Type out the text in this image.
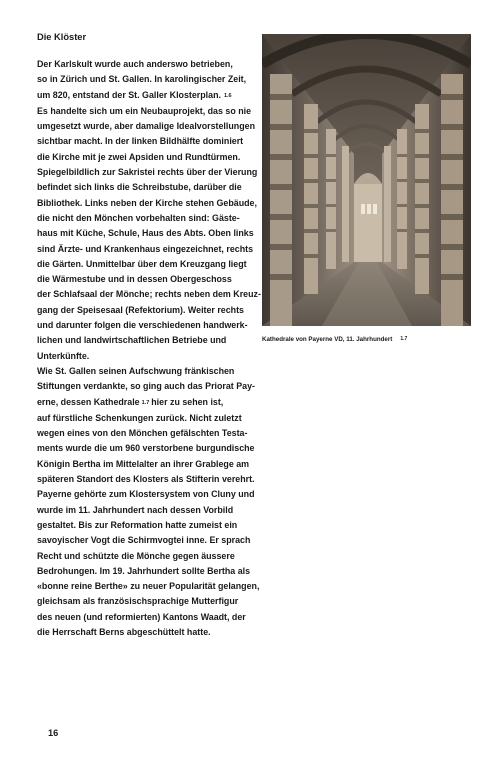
Die Klöster
Der Karlskult wurde auch anderswo betrieben,
so in Zürich und St. Gallen. In karolingischer Zeit,
um 820, entstand der St. Galler Klosterplan. 1.6
Es handelte sich um ein Neubauprojekt, das so nie
umgesetzt wurde, aber damalige Idealvorstellungen
sichtbar macht. In der linken Bildhälfte dominiert
die Kirche mit je zwei Apsiden und Rundtürmen.
Spiegelbildlich zur Sakristei rechts über der Vierung
befindet sich links die Schreibstube, darüber die
Bibliothek. Links neben der Kirche stehen Gebäude,
die nicht den Mönchen vorbehalten sind: Gäste-
haus mit Küche, Schule, Haus des Abts. Oben links
sind Ärzte- und Krankenhaus eingezeichnet, rechts
die Gärten. Unmittelbar über dem Kreuzgang liegt
die Wärmestube und in dessen Obergeschoss
der Schlafsaal der Mönche; rechts neben dem Kreuz-
gang der Speisesaal (Refektorium). Weiter rechts
und darunter folgen die verschiedenen handwerk-
lichen und landwirtschaftlichen Betriebe und
Unterkünfte.
Wie St. Gallen seinen Aufschwung fränkischen
Stiftungen verdankte, so ging auch das Priorat Pay-
erne, dessen Kathedrale 1.7 hier zu sehen ist,
auf fürstliche Schenkungen zurück. Nicht zuletzt
wegen eines von den Mönchen gefälschten Testa-
ments wurde die um 960 verstorbene burgundische
Königin Bertha im Mittelalter an ihrer Grablege am
späteren Standort des Klosters als Stifterin verehrt.
Payerne gehörte zum Klostersystem von Cluny und
wurde im 11. Jahrhundert nach dessen Vorbild
gestaltet. Bis zur Reformation hatte zumeist ein
savoyischer Vogt die Schirmvogtei inne. Er sprach
Recht und schützte die Mönche gegen äussere
Bedrohungen. Im 19. Jahrhundert sollte Bertha als
«bonne reine Berthe» zu neuer Popularität gelangen,
gleichsam als französischsprachige Mutterfigur
des neuen (und reformierten) Kantons Waadt, der
die Herrschaft Berns abgeschüttelt hatte.
Kathedrale von Payerne VD, 11. Jahrhundert 1.7
16
